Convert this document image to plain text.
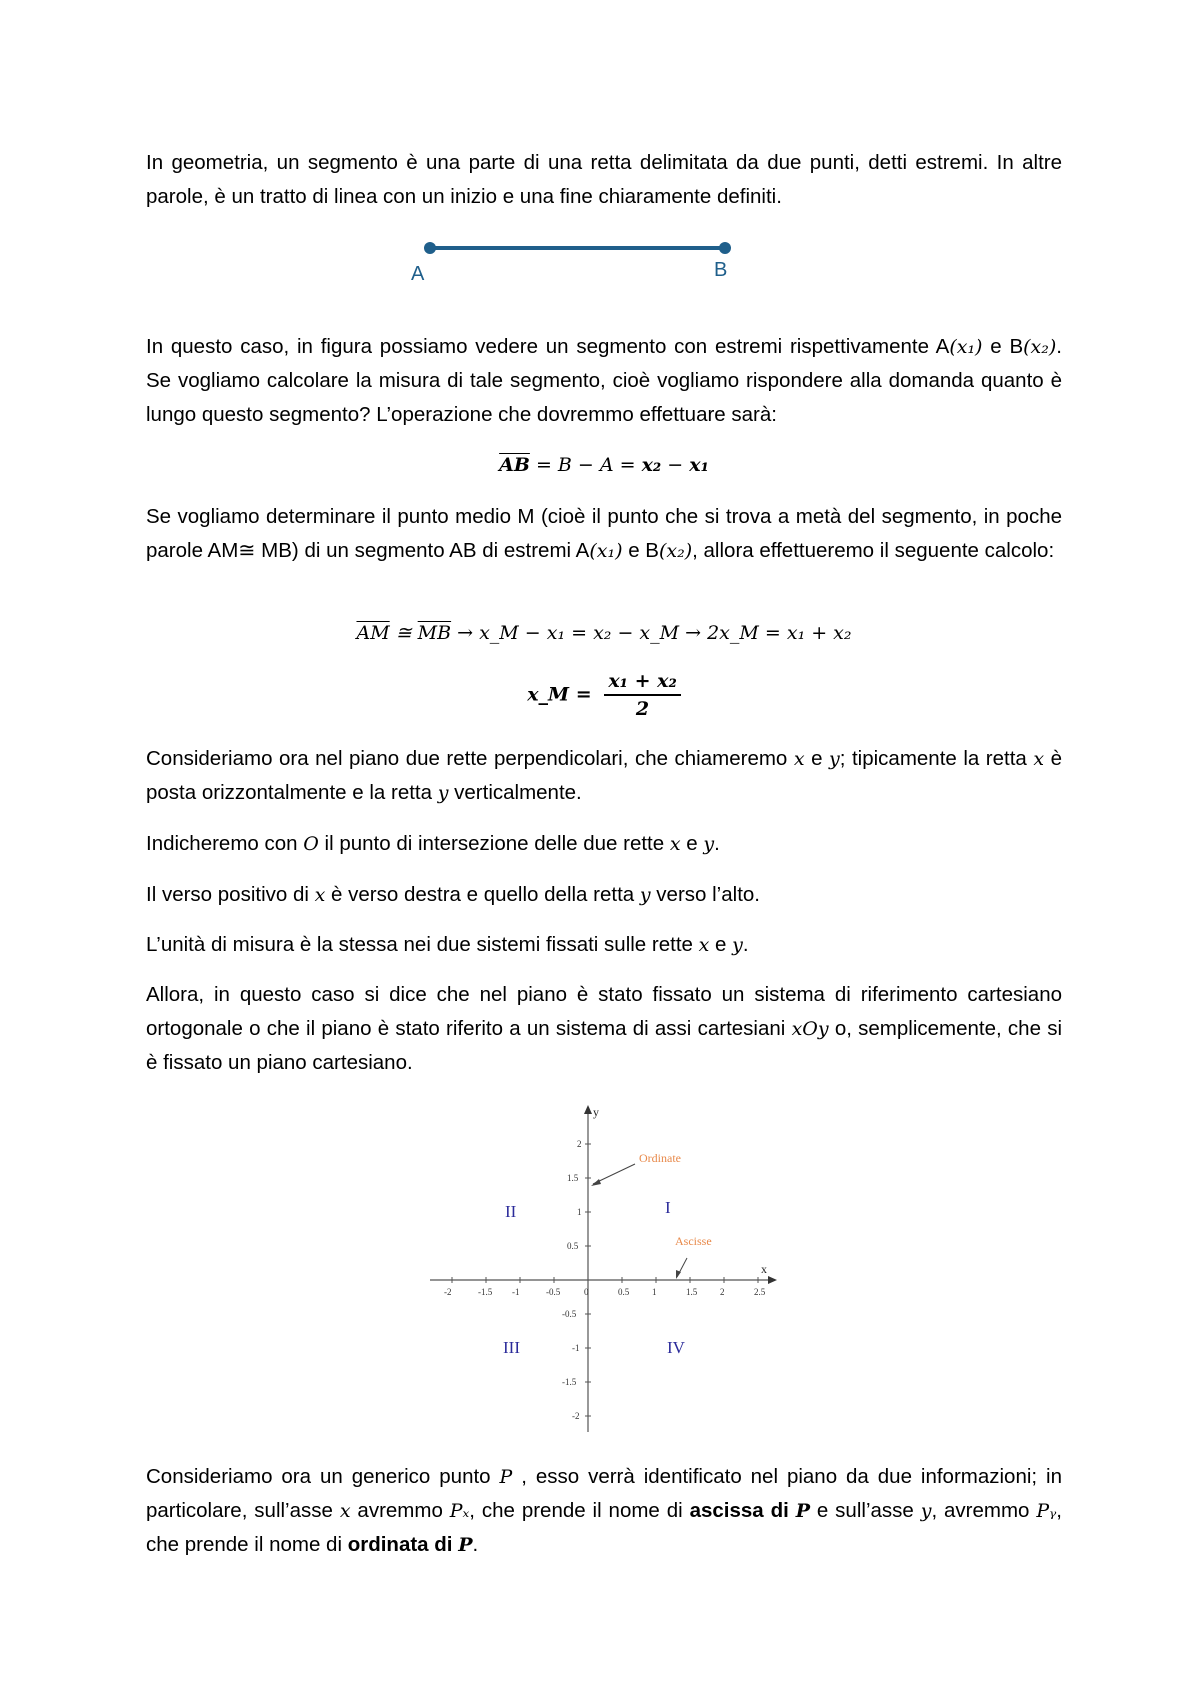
In geometria, un segmento è una parte di una retta delimitata da due punti, detti estremi. In altre parole, è un tratto di linea con un inizio e una fine chiaramente definiti.

A	B

In questo caso, in figura possiamo vedere un segmento con estremi rispettivamente A(x₁) e B(x₂). Se vogliamo calcolare la misura di tale segmento, cioè vogliamo rispondere alla domanda quanto è lungo questo segmento? L’operazione che dovremmo effettuare sarà:

$\overline{AB} = B - A = x_2 - x_1$

Se vogliamo determinare il punto medio M (cioè il punto che si trova a metà del segmento, in poche parole AM≅ MB) di un segmento AB di estremi A(x₁) e B(x₂), allora effettueremo il seguente calcolo:

$\overline{AM}$ ≅ $\overline{MB}$ → x_M − x₁ = x₂ − x_M → 2x_M = x₁ + x₂
x_M = $\frac{\text{x₁ + x₂}}{2}$

Consideriamo ora nel piano due rette perpendicolari, che chiameremo x e y; tipicamente la retta x è posta orizzontalmente e la retta y verticalmente.

Indicheremo con O il punto di intersezione delle due rette x e y.

Il verso positivo di x è verso destra e quello della retta y verso l’alto.

L’unità di misura è la stessa nei due sistemi fissati sulle rette x e y.

Allora, in questo caso si dice che nel piano è stato fissato un sistema di riferimento cartesiano ortogonale o che il piano è stato riferito a un sistema di assi cartesiani xOy o, semplicemente, che si è fissato un piano cartesiano.

y
x
-2	-1.5 -1	-0.5	0	0.5	1	1.5	2	2.5
2
1.5
1
0.5
-0.5
-1
-1.5
-2
Ordinate
Ascisse
I
II
III	IV

Consideriamo ora un generico punto P , esso verrà identificato nel piano da due informazioni; in particolare, sull’asse x avremmo Pₓ, che prende il nome di ascissa di P e sull’asse y, avremmo Pᵧ, che prende il nome di ordinata di P.
